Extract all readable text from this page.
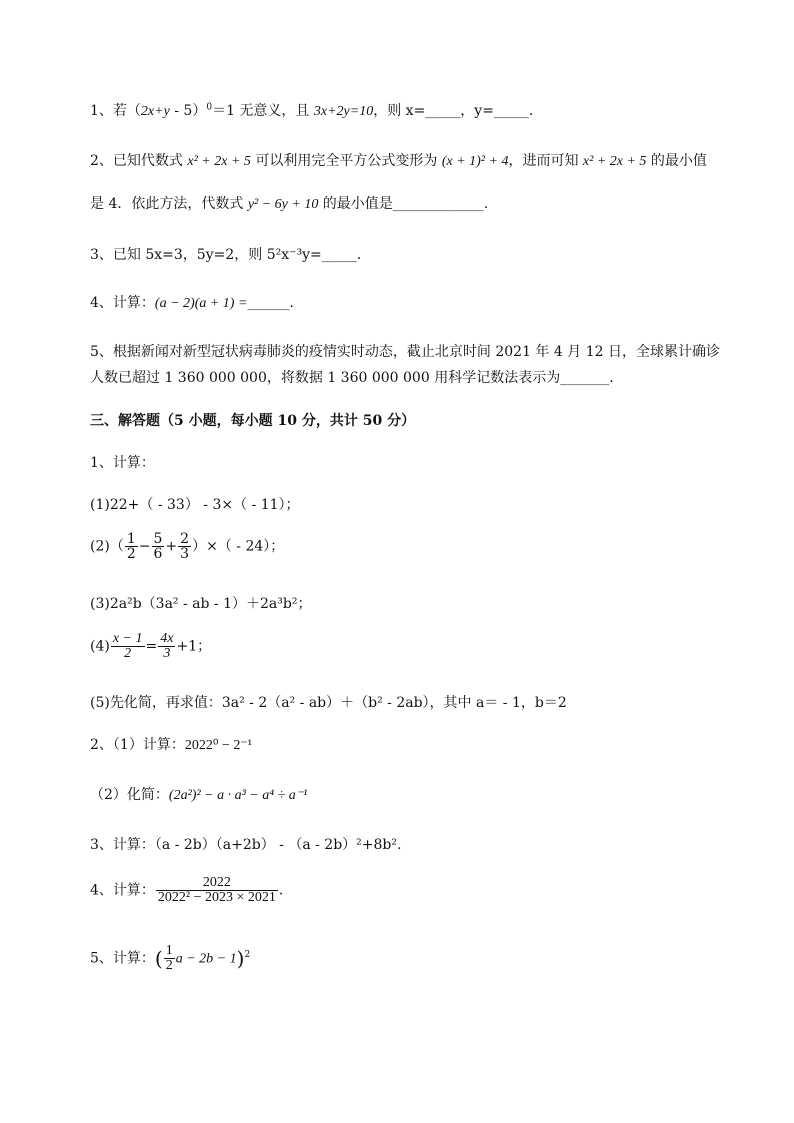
1、若$(2x+y - 5)^0=1$ 无意义，且 3x+2y=10，则 x=_____，y=_____.
2、已知代数式 x² + 2x + 5 可以利用完全平方公式变形为 (x + 1)² + 4，进而可知 x² + 2x + 5 的最小值
是 4．依此方法，代数式 y² − 6y + 10 的最小值是_____________.
3、已知 5x=3，5y=2，则 5²x⁻³y=_____.
4、计算：(a − 2)(a + 1) =______.
5、根据新闻对新型冠状病毒肺炎的疫情实时动态，截止北京时间 2021 年 4 月 12 日，全球累计确诊
人数已超过 1 360 000 000，将数据 1 360 000 000 用科学记数法表示为_______.
三、解答题（5 小题，每小题 10 分，共计 50 分）
1、计算：
(1)22+（ - 33） - 3×（ - 11）；
$(2)( \frac{1}{2} - \frac{5}{6} + \frac{2}{3}$ ）×（ - 24）；
(3)2a²b（3a² - ab - 1）＋2a³b²；
$(4) \frac{x - 1}{2} = \frac{4x}{3} +1$；
(5)先化简，再求值：3a² - 2（a² - ab）＋（b² - 2ab），其中 a＝ - 1，b＝2
2、（1）计算：2022⁰ − 2⁻¹
（2）化简：(2a²)² − a · a³ − a⁴ ÷ a⁻¹
3、计算：（a - 2b）（a+2b） - （a - 2b）²+8b².
4、计算： $\frac{2022}{\text{2022² − 2023 × 2021}}$ .
5、计算：( $\frac{1}{2}$ a − 2b − 1)$^2$
